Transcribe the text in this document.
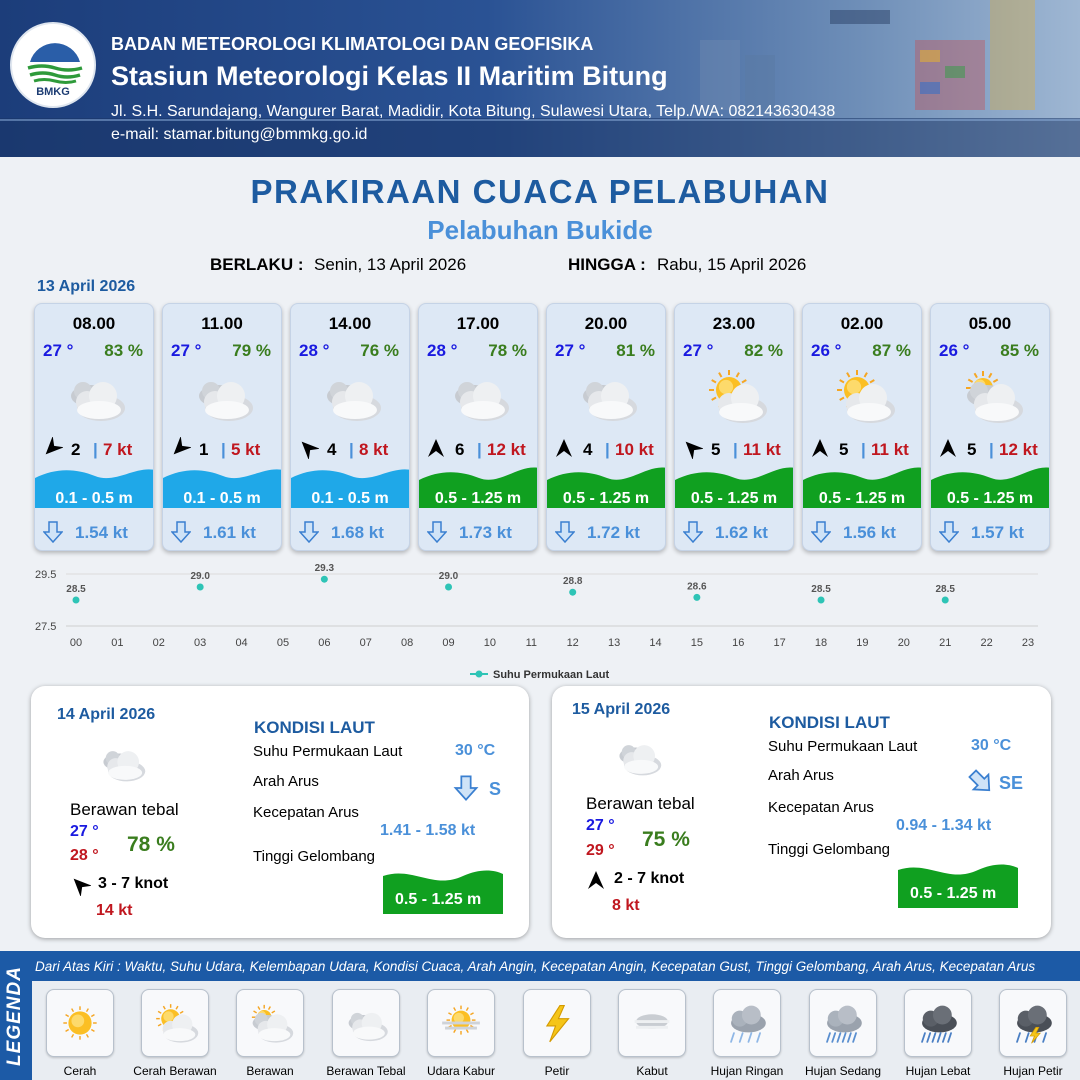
BMKG
BADAN METEOROLOGI KLIMATOLOGI DAN GEOFISIKA
Stasiun Meteorologi Kelas II Maritim Bitung
Jl. S.H. Sarundajang, Wangurer Barat, Madidir, Kota Bitung, Sulawesi Utara, Telp./WA: 082143630438
e-mail: stamar.bitung@bmmkg.go.id
PRAKIRAAN CUACA PELABUHAN
Pelabuhan Bukide
BERLAKU : Senin, 13 April 2026	HINGGA : Rabu, 15 April 2026
13 April 2026
08.00
27 ° 83 %
2 | 7 kt
0.1 - 0.5 m
1.54 kt
11.00
27 ° 79 %
1 | 5 kt
0.1 - 0.5 m
1.61 kt
14.00
28 ° 76 %
4 | 8 kt
0.1 - 0.5 m
1.68 kt
17.00
28 ° 78 %
6 | 12 kt
0.5 - 1.25 m
1.73 kt
20.00
27 ° 81 %
4 | 10 kt
0.5 - 1.25 m
1.72 kt
23.00
27 ° 82 %
5 | 11 kt
0.5 - 1.25 m
1.62 kt
02.00
26 ° 87 %
5 | 11 kt
0.5 - 1.25 m
1.56 kt
05.00
26 ° 85 %
5 | 12 kt
0.5 - 1.25 m
1.57 kt
29.5
27.5
00	01	02	03	04	05	06	07	08	09	10	11	12	13	14	15	16	17	18	19	20	21	22	23
28.5
29.0
29.3
29.0	28.8	28.6	28.5	28.5
Suhu Permukaan Laut
14 April 2026
Berawan tebal
27 °
28 ° 78 %
3 - 7 knot
14 kt
KONDISI LAUT
Suhu Permukaan Laut	30 °C
Arah Arus	S
Kecepatan Arus
1.41 - 1.58 kt
Tinggi Gelombang
0.5 - 1.25 m
15 April 2026
Berawan tebal
27 °
29 ° 75 %
2 - 7 knot
8 kt
KONDISI LAUT
Suhu Permukaan Laut	30 °C
Arah Arus	SE
Kecepatan Arus
0.94 - 1.34 kt
Tinggi Gelombang
0.5 - 1.25 m
LEGENDA Dari Atas Kiri : Waktu, Suhu Udara, Kelembapan Udara, Kondisi Cuaca, Arah Angin, Kecepatan Angin, Kecepatan Gust, Tinggi Gelombang, Arah Arus, Kecepatan Arus
Cerah	Cerah Berawan	Berawan	Berawan Tebal	Udara Kabur	Petir	Kabut	Hujan Ringan	Hujan Sedang	Hujan Lebat	Hujan Petir
